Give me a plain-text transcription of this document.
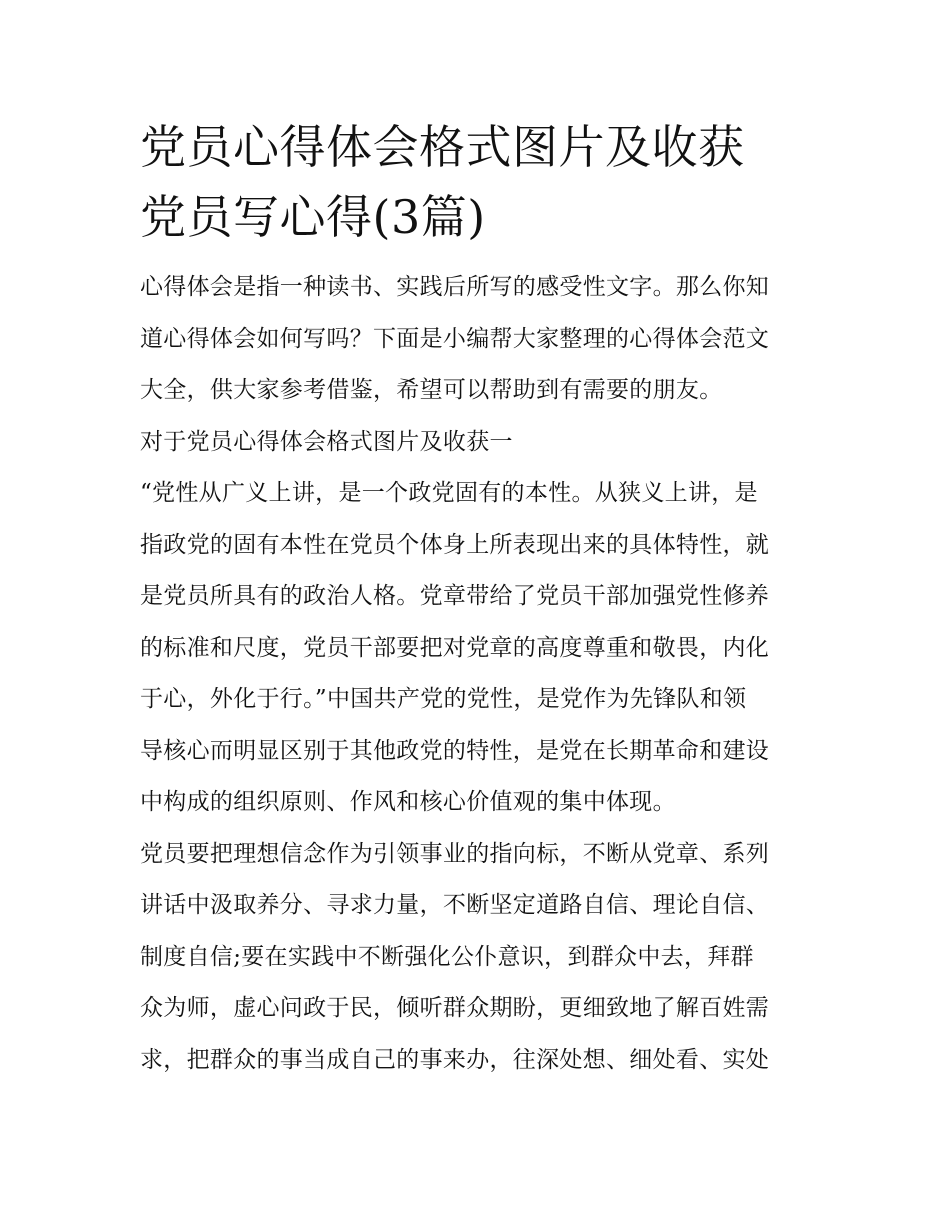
党员心得体会格式图片及收获
党员写心得(3篇)

心得体会是指一种读书、实践后所写的感受性文字。那么你知

道心得体会如何写吗？下面是小编帮大家整理的心得体会范文

大全，供大家参考借鉴，希望可以帮助到有需要的朋友。

对于党员心得体会格式图片及收获一

“党性从广义上讲，是一个政党固有的本性。从狭义上讲，是

指政党的固有本性在党员个体身上所表现出来的具体特性，就

是党员所具有的政治人格。党章带给了党员干部加强党性修养

的标准和尺度，党员干部要把对党章的高度尊重和敬畏，内化

于心，外化于行。”中国共产党的党性，是党作为先锋队和领

导核心而明显区别于其他政党的特性，是党在长期革命和建设

中构成的组织原则、作风和核心价值观的集中体现。

党员要把理想信念作为引领事业的指向标，不断从党章、系列

讲话中汲取养分、寻求力量，不断坚定道路自信、理论自信、

制度自信;要在实践中不断强化公仆意识，到群众中去，拜群

众为师，虚心问政于民，倾听群众期盼，更细致地了解百姓需

求，把群众的事当成自己的事来办，往深处想、细处看、实处
